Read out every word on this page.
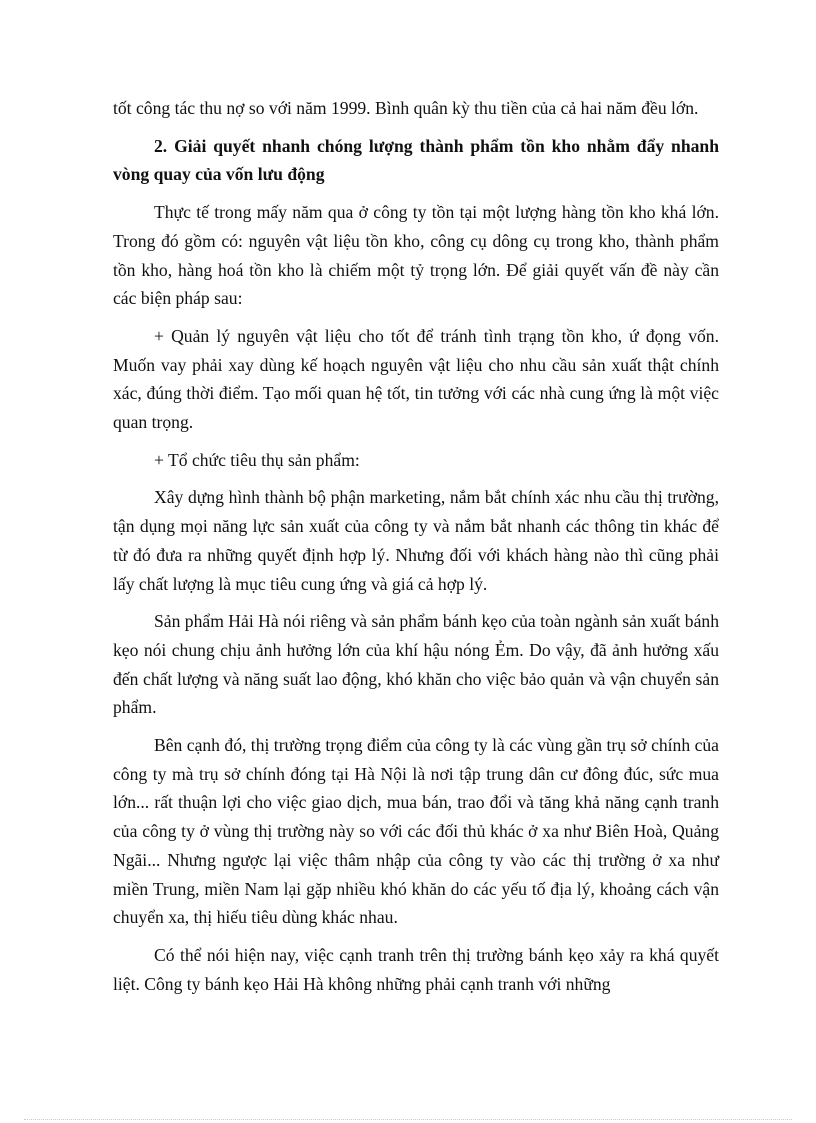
tốt công tác thu nợ so với năm 1999. Bình quân kỳ thu tiền của cả hai năm đều lớn.

2. Giải quyết nhanh chóng lượng thành phẩm tồn kho nhằm đẩy nhanh vòng quay của vốn lưu động

Thực tế trong mấy năm qua ở công ty tồn tại một lượng hàng tồn kho khá lớn. Trong đó gồm có: nguyên vật liệu tồn kho, công cụ dông cụ trong kho, thành phẩm tồn kho, hàng hoá tồn kho là chiếm một tỷ trọng lớn. Để giải quyết vấn đề này cần các biện pháp sau:

+ Quản lý nguyên vật liệu cho tốt để tránh tình trạng tồn kho, ứ đọng vốn. Muốn vay phải xay dùng kế hoạch nguyên vật liệu cho nhu cầu sản xuất thật chính xác, đúng thời điểm. Tạo mối quan hệ tốt, tin tưởng với các nhà cung ứng là một việc quan trọng.

+ Tổ chức tiêu thụ sản phẩm:

Xây dựng hình thành bộ phận marketing, nắm bắt chính xác nhu cầu thị trường, tận dụng mọi năng lực sản xuất của công ty và nắm bắt nhanh các thông tin khác để từ đó đưa ra những quyết định hợp lý. Nhưng đối với khách hàng nào thì cũng phải lấy chất lượng là mục tiêu cung ứng và giá cả hợp lý.

Sản phẩm Hải Hà nói riêng và sản phẩm bánh kẹo của toàn ngành sản xuất bánh kẹo nói chung chịu ảnh hưởng lớn của khí hậu nóng Ẻm. Do vậy, đã ảnh hưởng xấu đến chất lượng và năng suất lao động, khó khăn cho việc bảo quản và vận chuyển sản phẩm.

Bên cạnh đó, thị trường trọng điểm của công ty là các vùng gần trụ sở chính của công ty mà trụ sở chính đóng tại Hà Nội là nơi tập trung dân cư đông đúc, sức mua lớn... rất thuận lợi cho việc giao dịch, mua bán, trao đổi và tăng khả năng cạnh tranh của công ty ở vùng thị trường này so với các đối thủ khác ở xa như Biên Hoà, Quảng Ngãi... Nhưng ngược lại việc thâm nhập của công ty vào các thị trường ở xa như miền Trung, miền Nam lại gặp nhiều khó khăn do các yếu tố địa lý, khoảng cách vận chuyển xa, thị hiếu tiêu dùng khác nhau.

Có thể nói hiện nay, việc cạnh tranh trên thị trường bánh kẹo xảy ra khá quyết liệt. Công ty bánh kẹo Hải Hà không những phải cạnh tranh với những
